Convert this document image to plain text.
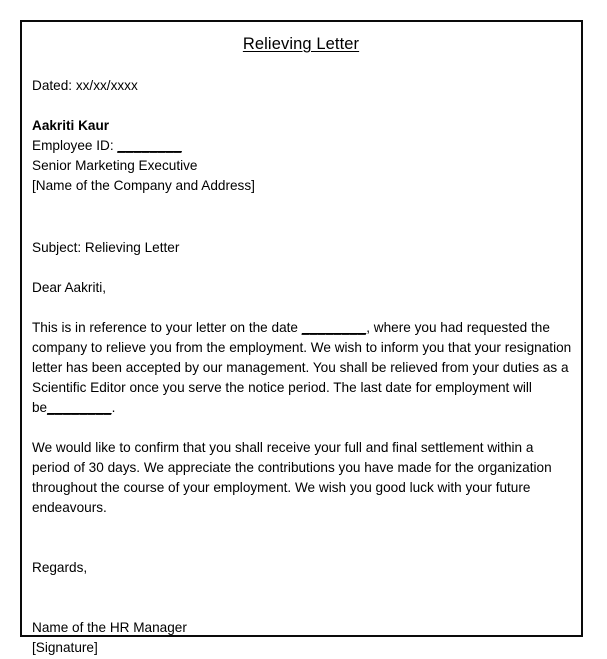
Relieving Letter
Dated: xx/xx/xxxx
Aakriti Kaur
Employee ID: ________
Senior Marketing Executive
[Name of the Company and Address]
Subject: Relieving Letter
Dear Aakriti,

This is in reference to your letter on the date ________, where you had requested the company to relieve you from the employment. We wish to inform you that your resignation letter has been accepted by our management. You shall be relieved from your duties as a Scientific Editor once you serve the notice period. The last date for employment will be________.

We would like to confirm that you shall receive your full and final settlement within a period of 30 days. We appreciate the contributions you have made for the organization throughout the course of your employment. We wish you good luck with your future endeavours.

Regards,
Name of the HR Manager
[Signature]
